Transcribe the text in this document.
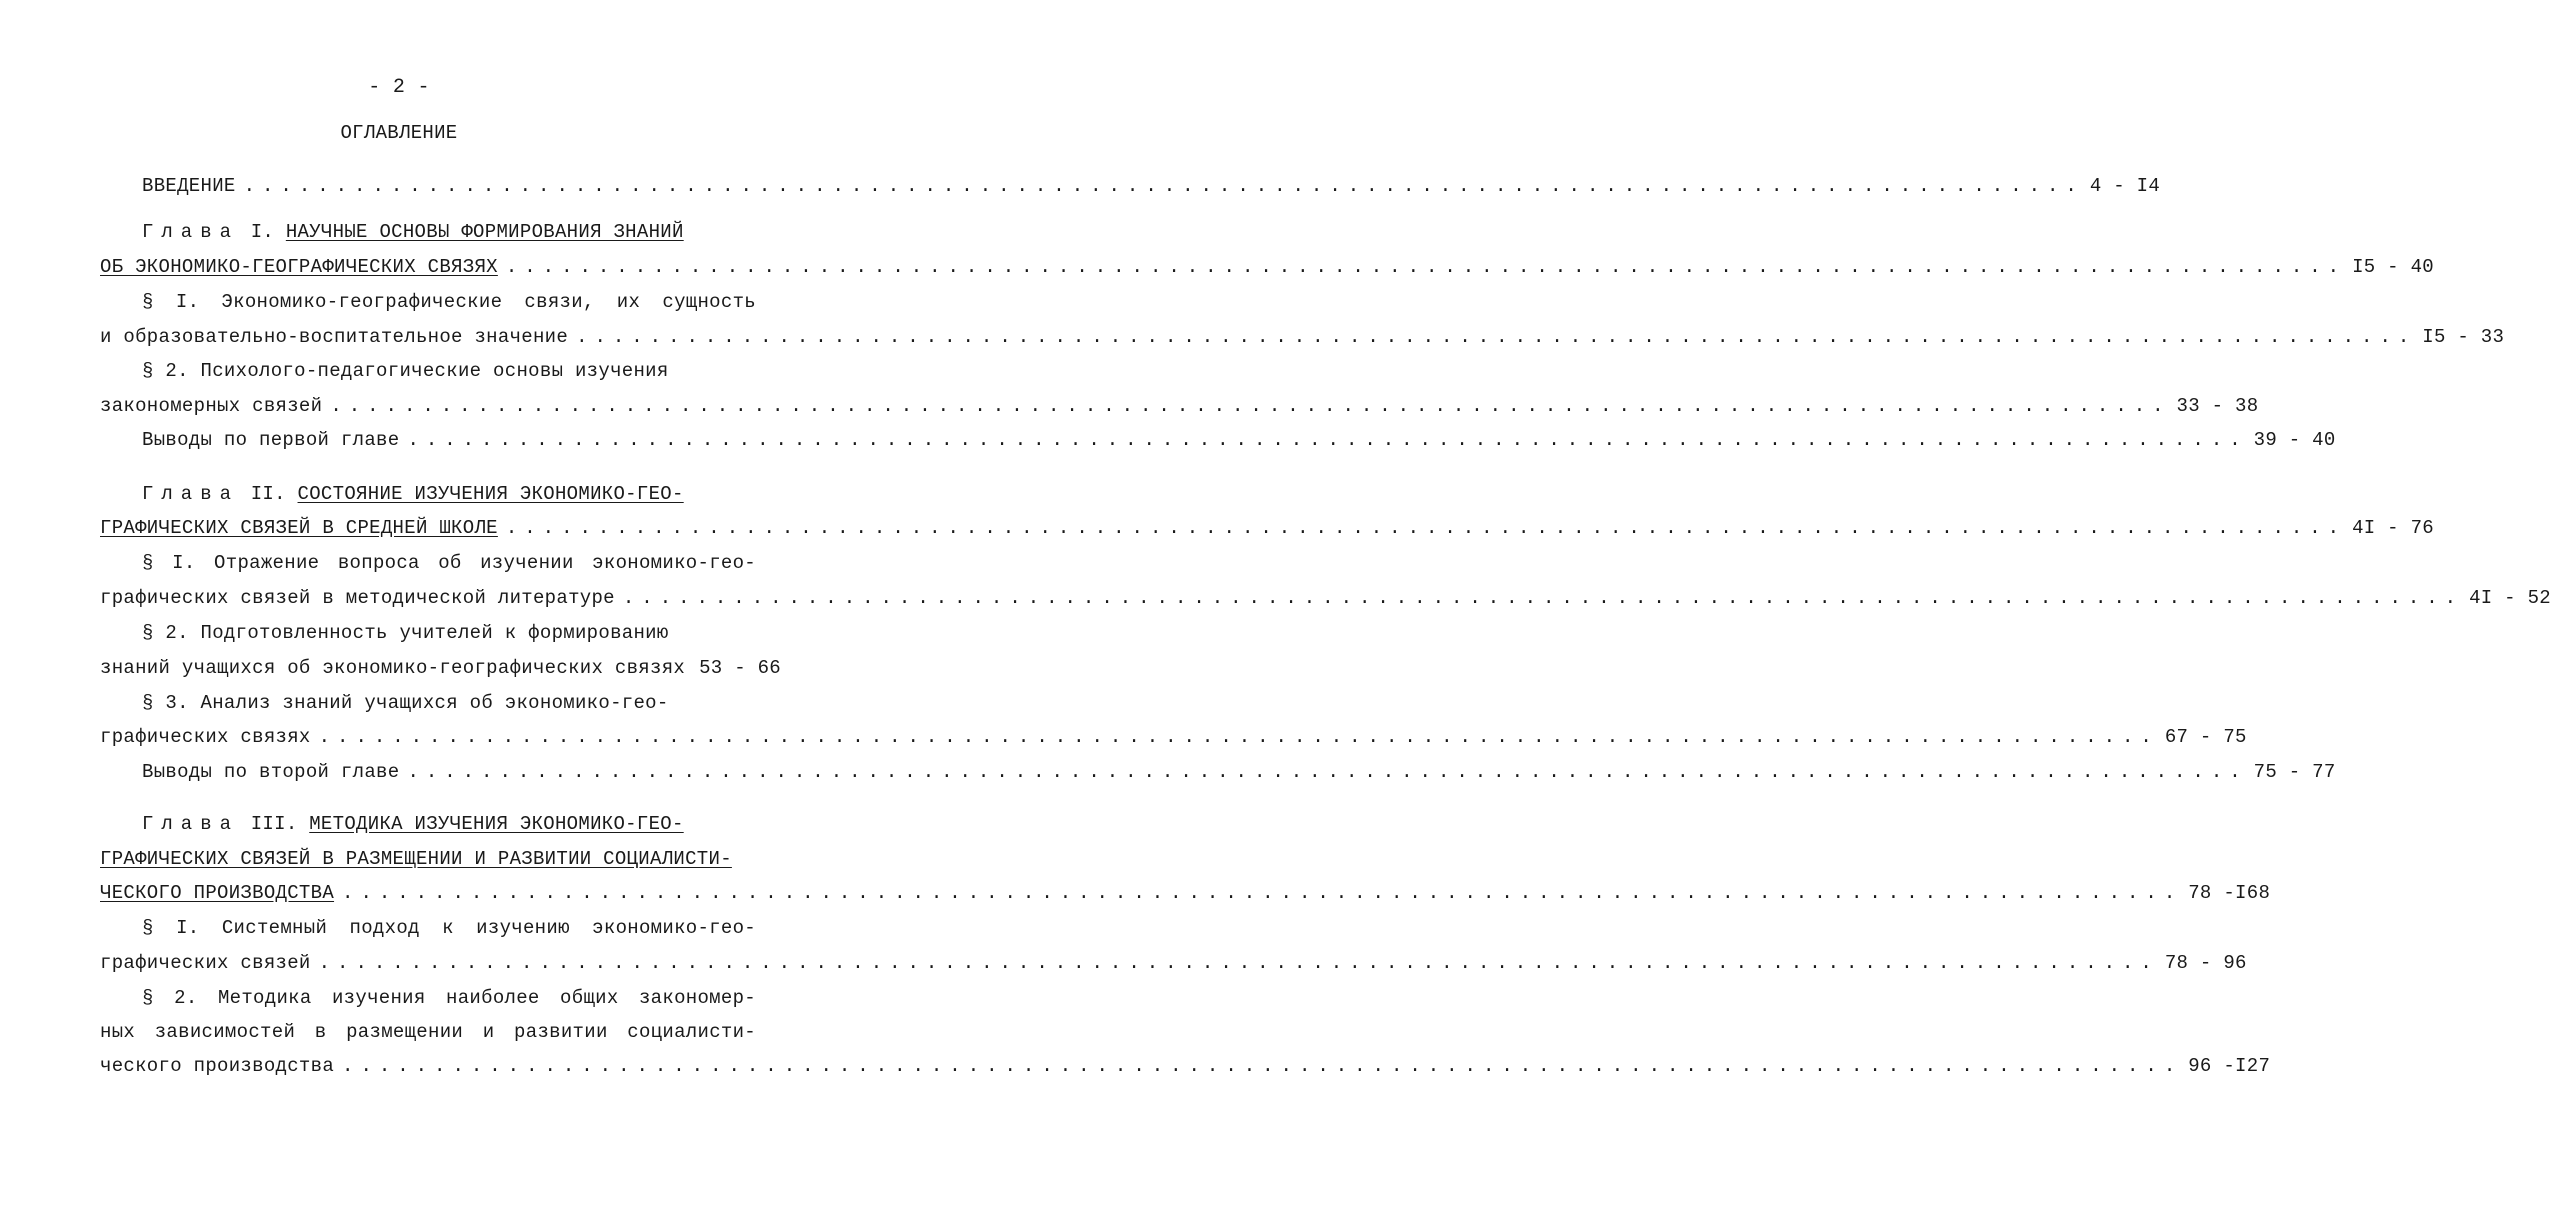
- 2 -
ОГЛАВЛЕНИЕ
ВВЕДЕНИЕ .................................................................................................... 4 - I4
Глава I. НАУЧНЫЕ ОСНОВЫ ФОРМИРОВАНИЯ ЗНАНИЙ
ОБ ЭКОНОМИКО-ГЕОГРАФИЧЕСКИХ СВЯЗЯХ .................................................................................................... I5 - 40
§ I. Экономико-географические связи, их сущность
и образовательно-воспитательное значение .................................................................................................... I5 - 33
§ 2. Психолого-педагогические основы изучения
закономерных связей .................................................................................................... 33 - 38
Выводы по первой главе .................................................................................................... 39 - 40
Глава II. СОСТОЯНИЕ ИЗУЧЕНИЯ ЭКОНОМИКО-ГЕО-
ГРАФИЧЕСКИХ СВЯЗЕЙ В СРЕДНЕЙ ШКОЛЕ .................................................................................................... 4I - 76
§ I. Отражение вопроса об изучении экономико-гео-
графических связей в методической литературе .................................................................................................... 4I - 52
§ 2. Подготовленность учителей к формированию
знаний учащихся об экономико-географических связях 53 - 66
§ 3. Анализ знаний учащихся об экономико-гео-
графических связях .................................................................................................... 67 - 75
Выводы по второй главе .................................................................................................... 75 - 77
Глава III. МЕТОДИКА ИЗУЧЕНИЯ ЭКОНОМИКО-ГЕО-
ГРАФИЧЕСКИХ СВЯЗЕЙ В РАЗМЕЩЕНИИ И РАЗВИТИИ СОЦИАЛИСТИ-
ЧЕСКОГО ПРОИЗВОДСТВА .................................................................................................... 78 -I68
§ I. Системный подход к изучению экономико-гео-
графических связей .................................................................................................... 78 - 96
§ 2. Методика изучения наиболее общих закономер-
ных зависимостей в размещении и развитии социалисти-
ческого производства .................................................................................................... 96 -I27
